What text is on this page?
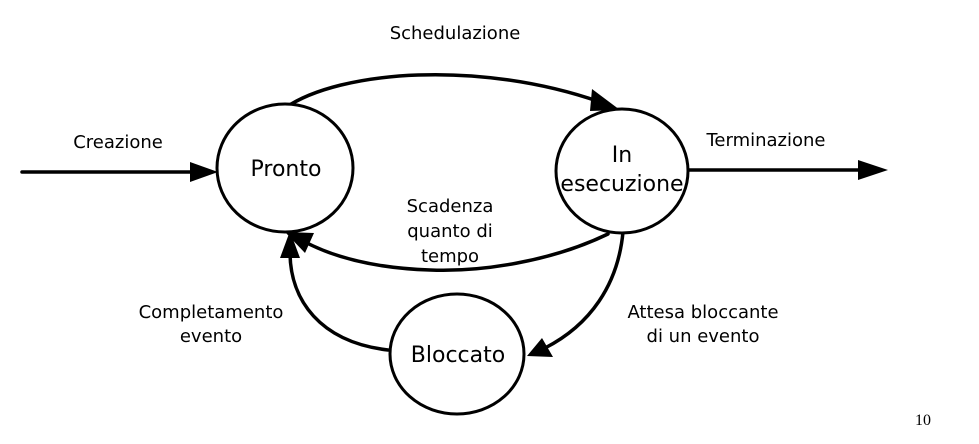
Pronto
In
esecuzione
Bloccato
Creazione
Schedulazione
Terminazione
Scadenza
quanto di
tempo
Attesa bloccante
di un evento
Completamento
evento
10
